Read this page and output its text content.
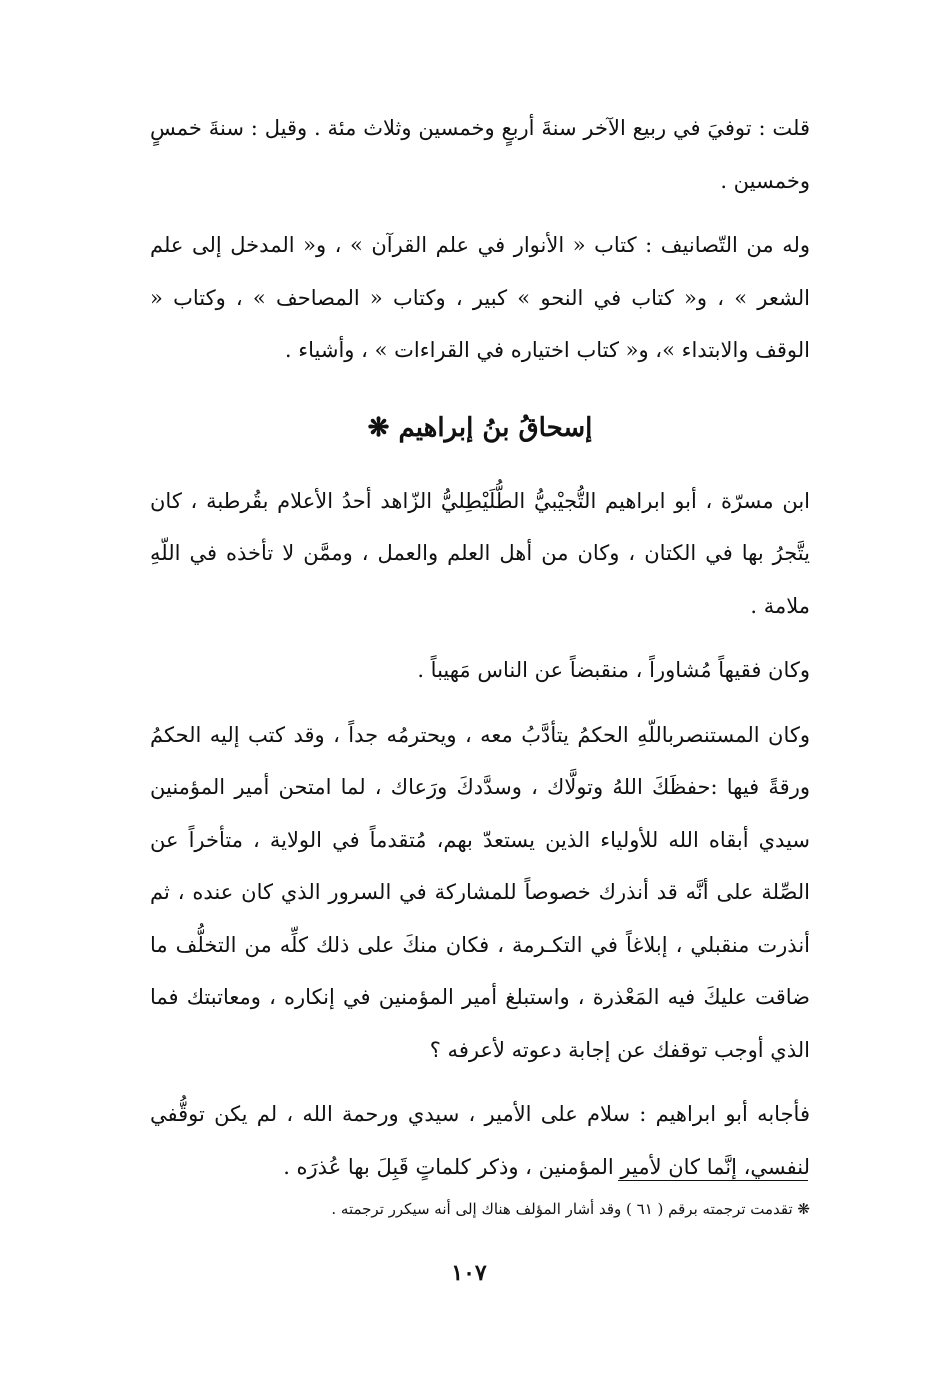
قلت : توفيَ في ربيع الآخر سنةَ أربعٍ وخمسين وثلاث مئة . وقيل : سنةَ خمسٍ وخمسين .

وله من التّصانيف : كتاب « الأنوار في علم القرآن » ، و« المدخل إلى علم الشعر » ، و« كتاب في النحو » كبير ، وكتاب « المصاحف » ، وكتاب « الوقف والابتداء »، و« كتاب اختياره في القراءات » ، وأشياء .

إسحاقُ بنُ إبراهيم ❋

ابن مسرّة ، أبو ابراهيم التُّجيْبيُّ الطُّلَيْطِليُّ الزّاهد أحدُ الأعلام بقُرطبة ، كان يتَّجرُ بها في الكتان ، وكان من أهل العلم والعمل ، وممَّن لا تأخذه في اللّهِ ملامة .

وكان فقيهاً مُشاوراً ، منقبضاً عن الناس مَهيباً .

وكان المستنصرباللّهِ الحكمُ يتأدَّبُ معه ، ويحترمُه جداً ، وقد كتب إليه الحكمُ ورقةً فيها :حفظَكَ اللهُ وتولَّاك ، وسدَّدكَ ورَعاك ، لما امتحن أمير المؤمنين سيدي أبقاه الله للأولياء الذين يستعدّ بهم، مُتقدماً في الولاية ، متأخراً عن الصِّلة على أنَّه قد أنذرك خصوصاً للمشاركة في السرور الذي كان عنده ، ثم أنذرت منقبلي ، إبلاغاً في التكـرمة ، فكان منكَ على ذلك كلِّه من التخلُّف ما ضاقت عليكَ فيه المَعْذرة ، واستبلغ أمير المؤمنين في إنكاره ، ومعاتبتك فما الذي أوجب توقفك عن إجابة دعوته لأعرفه ؟

فأجابه أبو ابراهيم : سلام على الأمير ، سيدي ورحمة الله ، لم يكن توقُّفي لنفسي، إنَّما كان لأمير المؤمنين ، وذكر كلماتٍ قَبِلَ بها عُذرَه .

❋ تقدمت ترجمته برقم ( ٦١ ) وقد أشار المؤلف هناك إلى أنه سيكرر ترجمته .
١٠٧
